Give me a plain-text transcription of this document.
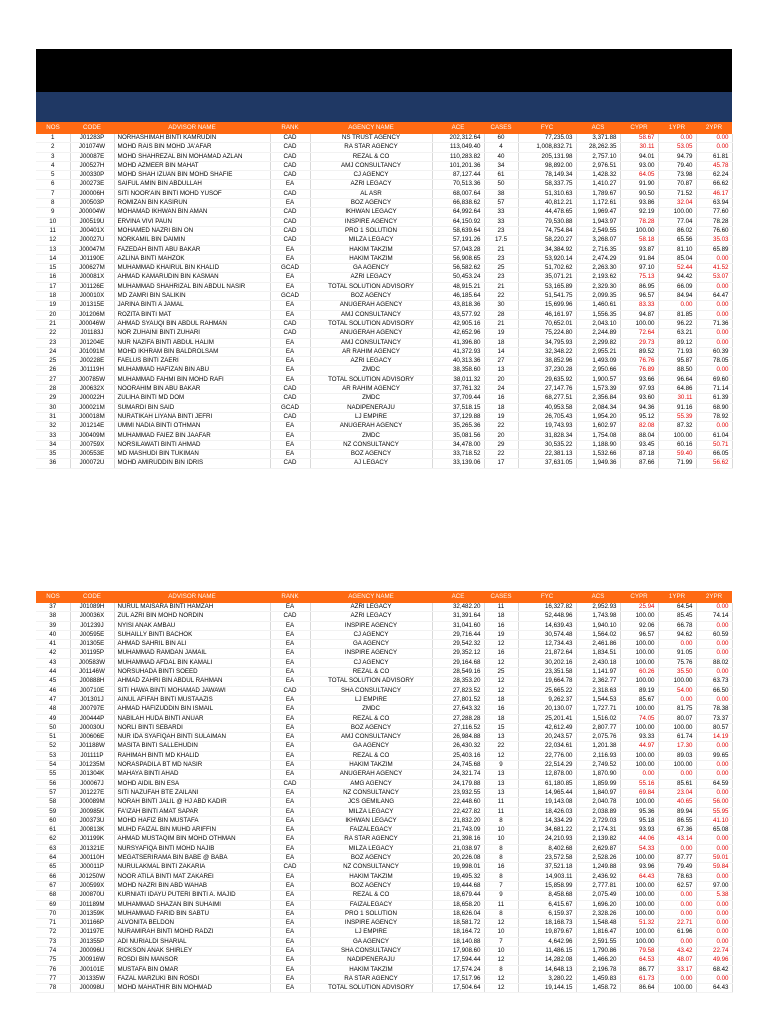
NOS	CODE	ADVISOR NAME	RANK	AGENCY NAME	ACE	CASES	FYC	ACS	CYPR	1YPR	2YPR
1	J01283P	NORHASHIMAH BINTI KAMRUDIN	CAD	NS TRUST AGENCY	202,312.64	60	77,235.03	3,371.88	58.67	0.00	0.00
2	J01074W	MOHD RAIS BIN MOHD JA'AFAR	CAD	RA STAR AGENCY	113,049.40	4	1,008,832.71	28,262.35	30.11	53.05	0.00
3	J00087E	MOHD SHAHREZAL BIN MOHAMAD AZLAN	CAD	REZAL & CO	110,283.82	40	205,131.98	2,757.10	94.01	94.79	61.81
4	J00527H	MOHD AZMEER BIN MAHAT	CAD	AMJ CONSULTANCY	101,201.36	34	98,892.00	2,976.51	93.00	79.40	45.78
5	J00330P	MOHD SHAH IZUAN BIN MOHD SHAFIE	CAD	CJ AGENCY	87,127.44	61	78,149.34	1,428.32	64.05	73.98	62.24
6	J00273E	SAIFUL AMIN BIN ABDULLAH	EA	AZRI LEGACY	70,513.36	50	58,337.75	1,410.27	91.90	70.87	66.62
7	J00006H	SITI NOOR'AIN BINTI MOHD YUSOF	CAD	AL ASR	68,007.64	38	51,310.63	1,789.67	90.50	71.52	46.17
8	J00503P	ROMIZAN BIN KASIRUN	EA	BOZ AGENCY	66,838.62	57	40,812.21	1,172.61	93.86	32.04	63.94
9	J00004W	MOHAMAD IKHWAN BIN AMAN	CAD	IKHWAN LEGACY	64,992.64	33	44,478.65	1,969.47	92.19	100.00	77.60
10	J00519U	ERVINA VIVI PAUN	CAD	INSPIRE AGENCY	64,150.92	33	79,530.88	1,943.97	78.28	77.04	78.28
11	J00401X	MOHAMED NAZRI BIN ON	CAD	PRO 1 SOLUTION	58,639.64	23	74,754.84	2,549.55	100.00	86.02	76.60
12	J00027U	NORKAMIL BIN DAIMIN	CAD	MILZA LEGACY	57,191.26	17.5	58,220.27	3,268.07	58.18	65.56	35.03
13	J00047M	FAZEDAH BINTI ABU BAKAR	EA	HAKIM TAKZIM	57,043.28	21	34,384.92	2,716.35	93.87	81.10	65.89
14	J01190E	AZLINA BINTI MAHZOK	EA	HAKIM TAKZIM	56,908.65	23	53,920.14	2,474.29	91.84	85.04	0.00
15	J00627M	MUHAMMAD KHAIRUL BIN KHALID	GCAD	GA AGENCY	56,582.62	25	51,702.62	2,263.30	97.10	52.44	41.52
16	J00081X	AHMAD KAMARUDIN BIN KASMAN	EA	AZRI LEGACY	50,453.24	23	35,071.21	2,193.62	75.13	94.42	53.07
17	J01126E	MUHAMMAD SHAHRIZAL BIN ABDUL NASIR	EA	TOTAL SOLUTION ADVISORY	48,915.21	21	53,165.89	2,329.30	86.95	66.09	0.00
18	J00010X	MD ZAMRI BIN SALIKIN	GCAD	BOZ AGENCY	46,185.64	22	51,541.75	2,099.35	96.57	84.94	64.47
19	J01315E	JARINA BINTI A JAMAL	EA	ANUGERAH AGENCY	43,818.36	30	15,699.96	1,460.61	83.33	0.00	0.00
20	J01206M	ROZITA BINTI MAT	EA	AMJ CONSULTANCY	43,577.92	28	46,161.97	1,556.35	94.87	81.85	0.00
21	J00046W	AHMAD SYAUQI BIN ABDUL RAHMAN	CAD	TOTAL SOLUTION ADVISORY	42,905.16	21	70,652.01	2,043.10	100.00	96.22	71.36
22	J01183J	NOR ZUHAINI BINTI ZUHARI	CAD	ANUGERAH AGENCY	42,652.96	19	75,224.80	2,244.89	72.64	63.21	0.00
23	J01204E	NUR NAZIFA BINTI ABDUL HALIM	EA	AMJ CONSULTANCY	41,396.80	18	34,795.93	2,299.82	29.73	89.12	0.00
24	J01091M	MOHD IKHRAM BIN BALDROLSAM	EA	AR RAHIM AGENCY	41,372.93	14	32,348.22	2,955.21	89.52	71.93	60.39
25	J00228E	FAELUS BINTI ZAERI	EA	AZRI LEGACY	40,313.36	27	38,852.96	1,493.09	76.76	95.87	78.05
26	J01119H	MUHAMMAD HAFIZAN BIN ABU	EA	ZMDC	38,358.60	13	37,230.28	2,950.66	76.89	88.50	0.00
27	J00785W	MUHAMMAD FAHMI BIN MOHD RAFI	EA	TOTAL SOLUTION ADVISORY	38,011.32	20	29,635.92	1,900.57	93.66	96.64	69.60
28	J00632X	NOORAHIM BIN ABU BAKAR	CAD	AR RAHIM AGENCY	37,761.32	24	27,147.76	1,573.39	97.93	64.86	71.14
29	J00022H	ZULIHA BINTI MD DOM	CAD	ZMDC	37,709.44	16	68,277.51	2,356.84	93.60	30.11	61.39
30	J00021M	SUMARDI BIN SAID	GCAD	NADIPENERAJU	37,518.15	18	40,953.58	2,084.34	94.36	91.16	68.90
31	J00018M	NURATIKAH LIYANA BINTI JEFRI	CAD	LJ EMPIRE	37,129.88	19	26,705.43	1,954.20	95.12	55.39	78.92
32	J01214E	UMMI NADIA BINTI OTHMAN	EA	ANUGERAH AGENCY	35,265.36	22	19,743.93	1,602.97	82.08	87.32	0.00
33	J00409M	MUHAMMAD FAIEZ BIN JAAFAR	EA	ZMDC	35,081.56	20	31,828.34	1,754.08	88.04	100.00	61.04
34	J00759X	NORSILAWATI BINTI AHMAD	EA	NZ CONSULTANCY	34,478.00	29	30,535.22	1,188.90	93.45	60.16	50.71
35	J00553E	MD MASHUDI BIN TUKIMAN	EA	BOZ AGENCY	33,718.52	22	22,381.13	1,532.66	87.18	59.40	66.05
36	J00072U	MOHD AMIRUDDIN BIN IDRIS	CAD	AJ LEGACY	33,139.06	17	37,631.05	1,949.36	87.66	71.99	56.62
NOS	CODE	ADVISOR NAME	RANK	AGENCY NAME	ACE	CASES	FYC	ACS	CYPR	1YPR	2YPR
37	J01089H	NURUL MAISARA BINTI HAMZAH	EA	AZRI LEGACY	32,482.20	11	16,327.82	2,952.93	25.94	64.54	0.00
38	J00036X	ZUL AZRI BIN MOHD NORDIN	CAD	AZRI LEGACY	31,391.64	18	52,448.96	1,743.98	100.00	85.45	74.14
39	J01239J	NYISI ANAK AMBAU	EA	INSPIRE AGENCY	31,041.60	16	14,639.43	1,940.10	92.06	66.78	0.00
40	J00595E	SUHAILLY BINTI BACHOK	EA	CJ AGENCY	29,716.44	19	30,574.48	1,564.02	96.57	94.62	60.59
41	J01305E	AHMAD SAHRIL BIN ALI	EA	GA AGENCY	29,542.32	12	12,734.43	2,461.86	100.00	0.00	0.00
42	J01195P	MUHAMMAD RAMDAN JAMAIL	EA	INSPIRE AGENCY	29,352.12	16	21,872.64	1,834.51	100.00	91.05	0.00
43	J00583W	MUHAMMAD AFDAL BIN KAMALI	EA	CJ AGENCY	29,164.68	12	30,202.16	2,430.18	100.00	75.76	88.02
44	J01146W	NORSUHADA BINTI SOEED	EA	REZAL & CO	28,549.16	25	23,351.58	1,141.97	60.26	35.50	0.00
45	J00888H	AHMAD ZAHRI BIN ABDUL RAHMAN	EA	TOTAL SOLUTION ADVISORY	28,353.20	12	19,664.78	2,362.77	100.00	100.00	63.73
46	J00710E	SITI HAWA BINTI MOHAMAD JAWAWI	CAD	SHA CONSULTANCY	27,823.52	12	25,665.22	2,318.63	89.19	54.00	66.50
47	J01301J	AINUL AFIFAH BINTI MUSTAAZIS	EA	LJ EMPIRE	27,801.52	18	9,262.37	1,544.53	85.67	0.00	0.00
48	J00797E	AHMAD HAFIZUDDIN BIN ISMAIL	EA	ZMDC	27,643.32	16	20,130.07	1,727.71	100.00	81.75	78.38
49	J00444P	NABILAH HUDA BINTI ANUAR	EA	REZAL & CO	27,288.28	18	25,201.41	1,516.02	74.05	80.07	73.37
50	J00030U	NORLI BINTI SEBARDI	EA	BOZ AGENCY	27,116.52	15	42,612.49	2,807.77	100.00	100.00	80.57
51	J00606E	NUR IDA SYAFIQAH BINTI SULAIMAN	EA	AMJ CONSULTANCY	26,984.88	13	20,243.57	2,075.76	93.33	61.74	14.19
52	J01188W	MASITA BINTI SALLEHUDIN	EA	GA AGENCY	26,430.32	22	22,034.61	1,201.38	44.97	17.30	0.00
53	J01111P	RAHIMAH BINTI MD KHALID	EA	REZAL & CO	25,403.16	12	22,776.00	2,116.93	100.00	89.03	99.65
54	J01235M	NORASPADILA BT MD NASIR	EA	HAKIM TAKZIM	24,745.68	9	22,514.29	2,749.52	100.00	100.00	0.00
55	J01304K	MAHAYA BINTI AHAD	EA	ANUGERAH AGENCY	24,321.74	13	12,878.00	1,870.90	0.00	0.00	0.00
56	J00067J	MOHD AIDIL BIN ESA	CAD	AMG AGENCY	24,179.88	13	61,180.85	1,859.99	55.16	85.61	64.59
57	J01227E	SITI NAZUFAH BTE ZAILANI	EA	NZ CONSULTANCY	23,932.55	13	14,965.44	1,840.97	69.84	23.04	0.00
58	J00089M	NORAH BINTI JALIL @ HJ ABD KADIR	EA	JCS GEMILANG	22,448.60	11	19,143.08	2,040.78	100.00	40.65	56.00
59	J00985K	FA'IZAH BINTI AMAT SAPAR	EA	MILZA LEGACY	22,427.82	11	18,426.03	2,038.89	95.36	89.94	55.95
60	J00373U	MOHD HAFIZ BIN MUSTAFA	EA	IKHWAN LEGACY	21,832.20	8	14,334.29	2,729.03	95.18	86.55	41.10
61	J00813K	MUHD FAIZAL BIN MUHD ARIFFIN	EA	FAIZALEGACY	21,743.09	10	34,681.22	2,174.31	93.93	67.36	65.08
62	J01199K	AHMAD MUSTAQIM BIN MOHD OTHMAN	EA	RA STAR AGENCY	21,398.16	10	24,210.93	2,139.82	44.06	43.14	0.00
63	J01321E	NURSYAFIQA BINTI MOHD NAJIB	EA	MILZA LEGACY	21,038.97	8	8,402.68	2,629.87	54.33	0.00	0.00
64	J00110H	MEGATSERIRAMA BIN BABE @ BABA	EA	BOZ AGENCY	20,226.08	8	23,572.58	2,528.26	100.00	87.77	59.01
65	J00011P	NURULAKMAL BINTI ZAKARIA	CAD	NZ CONSULTANCY	19,998.01	16	37,521.18	1,249.88	93.96	79.49	59.84
66	J01250W	NOOR ATILA BINTI MAT ZAKAREI	EA	HAKIM TAKZIM	19,495.32	8	14,903.11	2,436.92	64.43	78.63	0.00
67	J00599X	MOHD NAZRI BIN ABD WAHAB	EA	BOZ AGENCY	19,444.68	7	15,858.99	2,777.81	100.00	62.57	97.00
68	J00870U	KURNIATI IDAYU PUTERI BINTI A. MAJID	EA	REZAL & CO	18,679.44	9	8,458.68	2,075.49	100.00	0.00	5.38
69	J01189M	MUHAMMAD SHAZAN BIN SUHAIMI	EA	FAIZALEGACY	18,658.20	11	6,415.67	1,696.20	100.00	0.00	0.00
70	J01359K	MUHAMMAD FARID BIN SABTU	EA	PRO 1 SOLUTION	18,626.04	8	6,159.37	2,328.26	100.00	0.00	0.00
71	J01166P	ALVONITA BELDON	EA	INSPIRE AGENCY	18,581.72	12	18,168.73	1,548.48	51.32	22.71	0.00
72	J01197E	NURAMIRAH BINTI MOHD RADZI	EA	LJ EMPIRE	18,164.72	10	19,879.67	1,816.47	100.00	61.96	0.00
73	J01355P	ADI NURIALDI SHARIAL	EA	GA AGENCY	18,140.88	7	4,642.96	2,591.55	100.00	0.00	0.00
74	J00096U	RICKSON ANAK SHIRLEY	EA	SHA CONSULTANCY	17,908.60	10	11,486.15	1,790.86	79.58	43.42	22.74
75	J00916W	ROSDI BIN MANSOR	EA	NADIPENERAJU	17,594.44	12	14,282.08	1,466.20	64.53	48.07	49.96
76	J00101E	MUSTAFA BIN OMAR	EA	HAKIM TAKZIM	17,574.24	8	14,648.13	2,196.78	86.77	33.17	68.42
77	J01335W	FAZAL MARZUKI BIN ROSDI	EA	RA STAR AGENCY	17,517.96	12	3,280.22	1,459.83	61.73	0.00	0.00
78	J00098U	MOHD MAHATHIR BIN MOHMAD	EA	TOTAL SOLUTION ADVISORY	17,504.64	12	19,144.15	1,458.72	86.64	100.00	64.43
